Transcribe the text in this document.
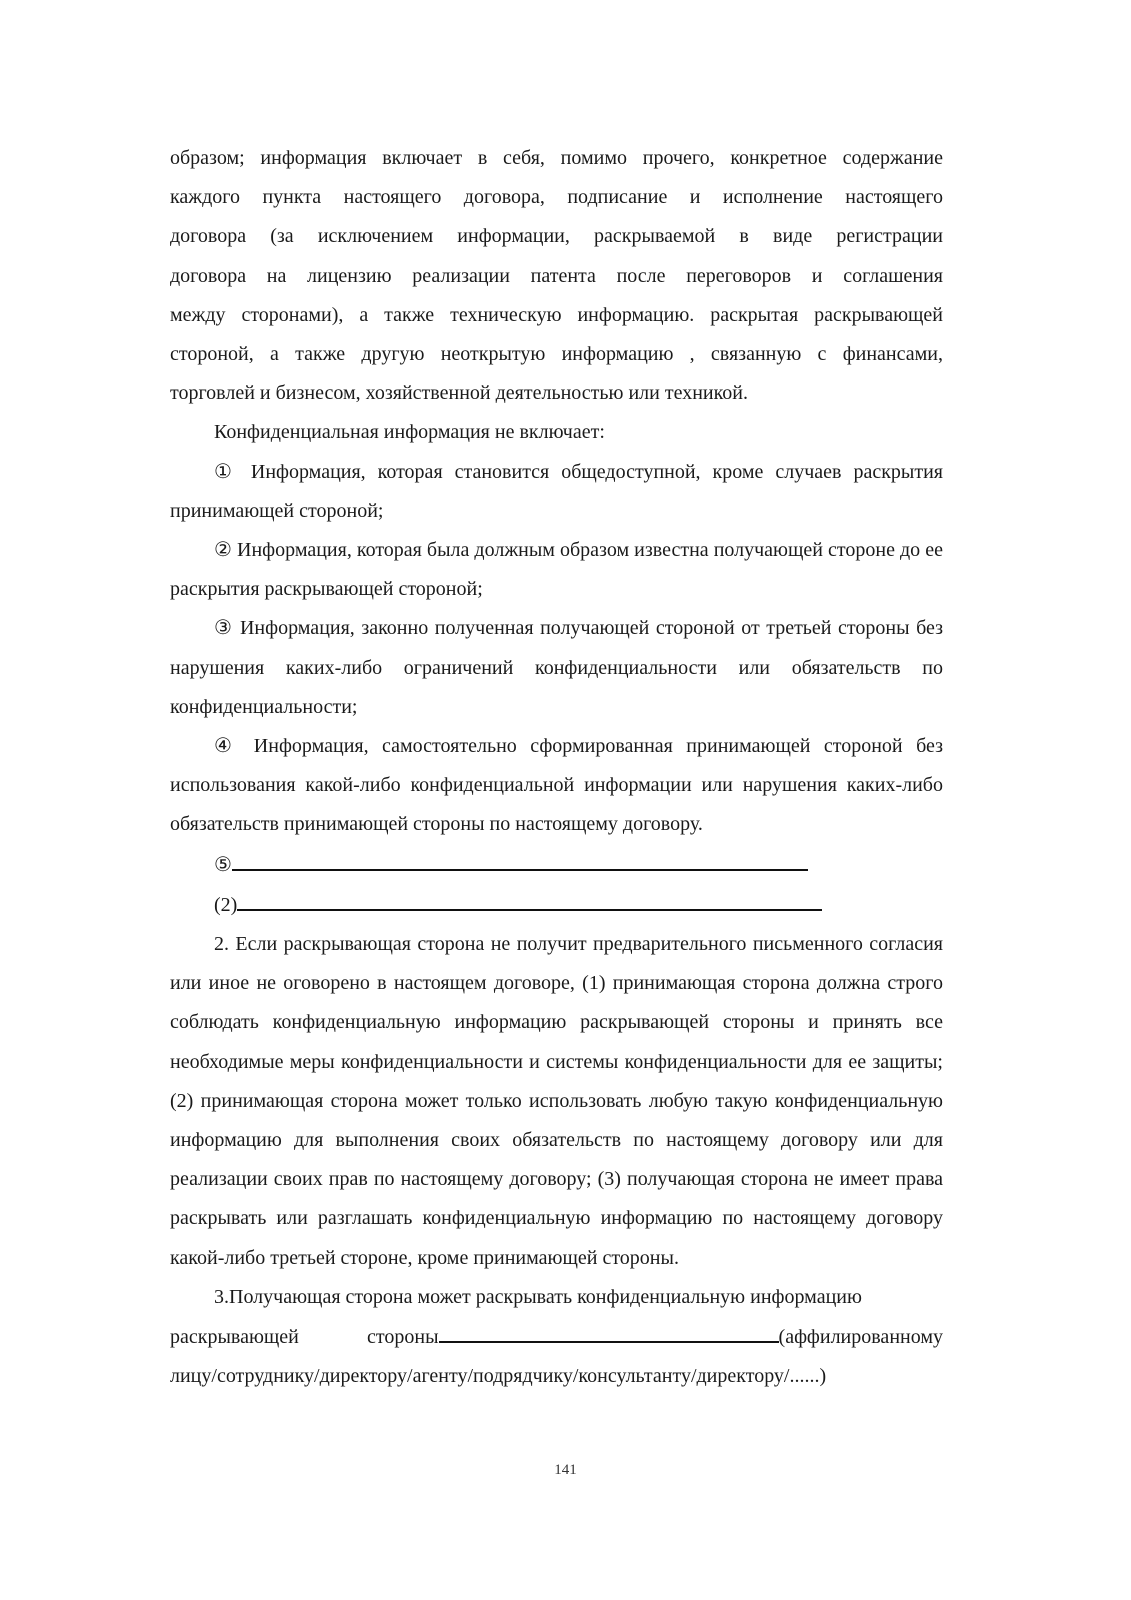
образом; информация включает в себя, помимо прочего, конкретное содержание

каждого пункта настоящего договора, подписание и исполнение настоящего

договора (за исключением информации, раскрываемой в виде регистрации

договора на лицензию реализации патента после переговоров и соглашения

между сторонами), а также техническую информацию. раскрытая раскрывающей

стороной, а также другую неоткрытую информацию , связанную с финансами,

торговлей и бизнесом, хозяйственной деятельностью или техникой.

Конфиденциальная информация не включает:

① Информация, которая становится общедоступной, кроме случаев раскрытия принимающей стороной;

② Информация, которая была должным образом известна получающей стороне до ее раскрытия раскрывающей стороной;

③ Информация, законно полученная получающей стороной от третьей стороны без нарушения каких-либо ограничений конфиденциальности или обязательств по конфиденциальности;

④ Информация, самостоятельно сформированная принимающей стороной без использования какой-либо конфиденциальной информации или нарушения каких-либо обязательств принимающей стороны по настоящему договору.

⑤

(2)

2. Если раскрывающая сторона не получит предварительного письменного согласия или иное не оговорено в настоящем договоре, (1) принимающая сторона должна строго соблюдать конфиденциальную информацию раскрывающей стороны и принять все необходимые меры конфиденциальности и системы конфиденциальности для ее защиты; (2) принимающая сторона может только использовать любую такую конфиденциальную информацию для выполнения своих обязательств по настоящему договору или для реализации своих прав по настоящему договору; (3) получающая сторона не имеет права раскрывать или разглашать конфиденциальную информацию по настоящему договору какой-либо третьей стороне, кроме принимающей стороны.

3.Получающая сторона может раскрывать конфиденциальную информацию

раскрывающей	стороны	(аффилированному

лицу/сотруднику/директору/агенту/подрядчику/консультанту/директору/......)

141
